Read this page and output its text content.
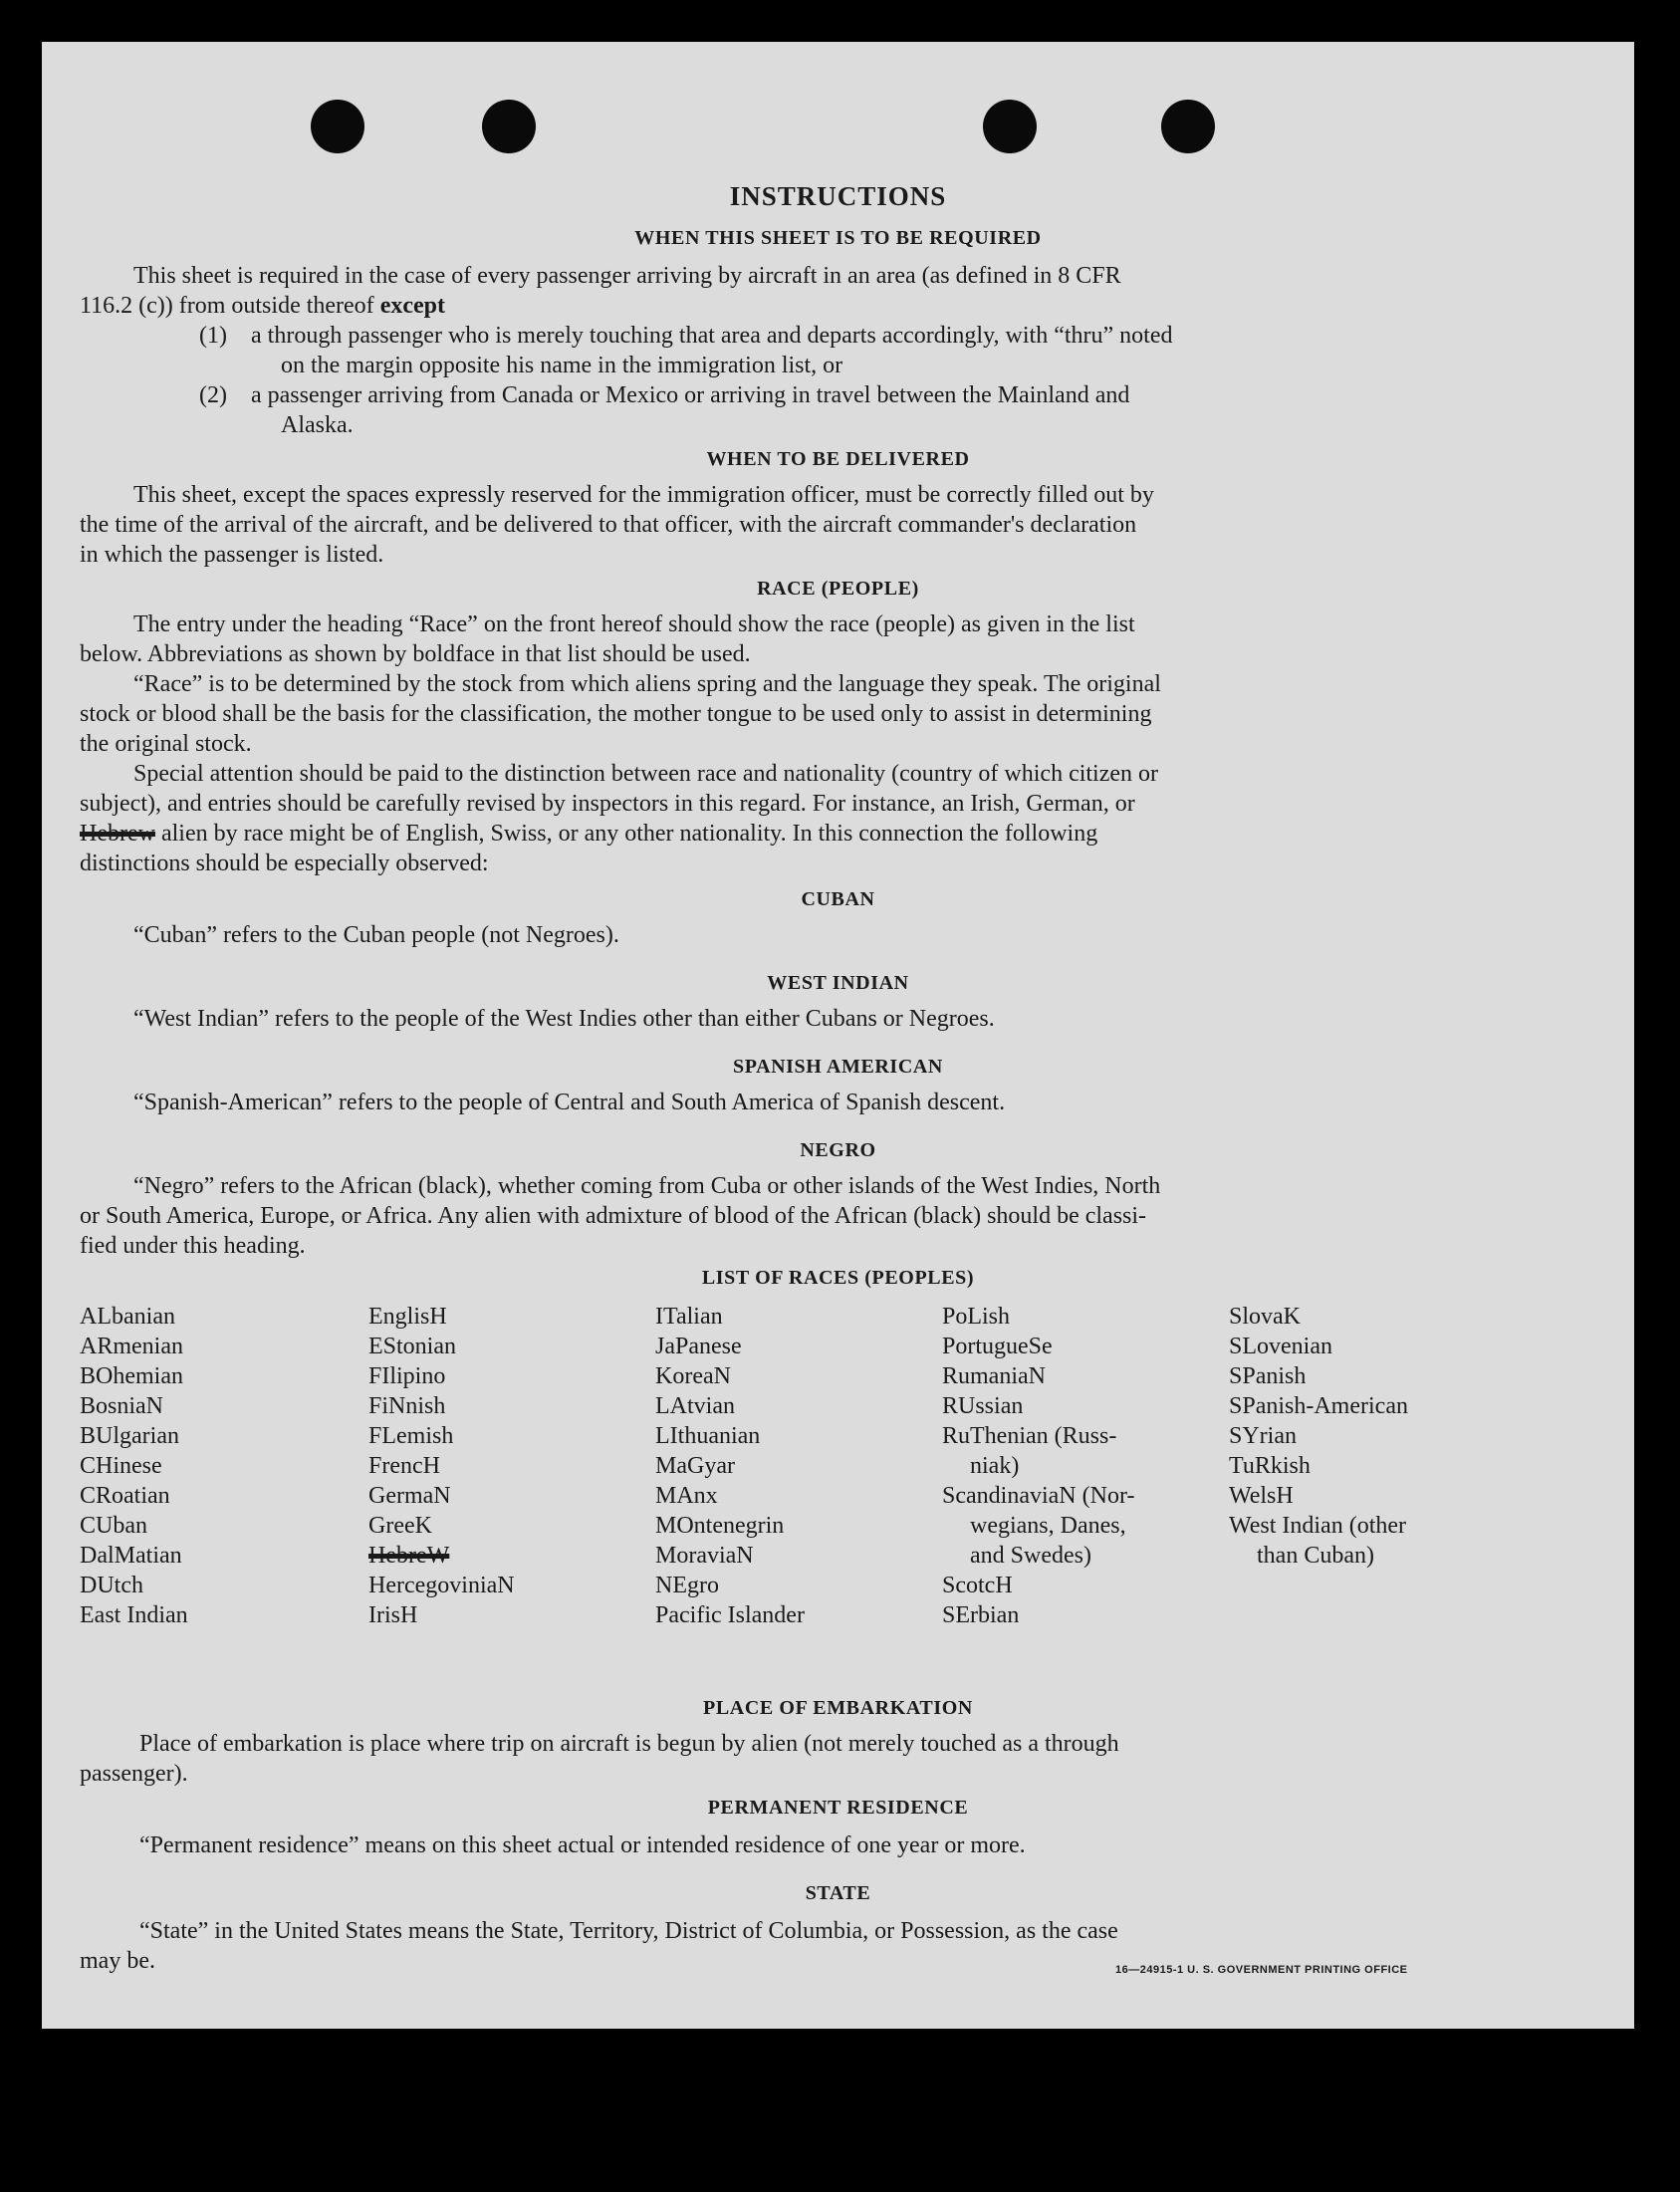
INSTRUCTIONS
WHEN THIS SHEET IS TO BE REQUIRED
This sheet is required in the case of every passenger arriving by aircraft in an area (as defined in 8 CFR
116.2 (c)) from outside thereof except
(1) a through passenger who is merely touching that area and departs accordingly, with “thru” noted
on the margin opposite his name in the immigration list, or
(2) a passenger arriving from Canada or Mexico or arriving in travel between the Mainland and
Alaska.
WHEN TO BE DELIVERED
This sheet, except the spaces expressly reserved for the immigration officer, must be correctly filled out by
the time of the arrival of the aircraft, and be delivered to that officer, with the aircraft commander's declaration
in which the passenger is listed.
RACE (PEOPLE)
The entry under the heading “Race” on the front hereof should show the race (people) as given in the list
below. Abbreviations as shown by boldface in that list should be used.
“Race” is to be determined by the stock from which aliens spring and the language they speak. The original
stock or blood shall be the basis for the classification, the mother tongue to be used only to assist in determining
the original stock.
Special attention should be paid to the distinction between race and nationality (country of which citizen or
subject), and entries should be carefully revised by inspectors in this regard. For instance, an Irish, German, or
Hebrew alien by race might be of English, Swiss, or any other nationality. In this connection the following
distinctions should be especially observed:
CUBAN
“Cuban” refers to the Cuban people (not Negroes).
WEST INDIAN
“West Indian” refers to the people of the West Indies other than either Cubans or Negroes.
SPANISH AMERICAN
“Spanish-American” refers to the people of Central and South America of Spanish descent.
NEGRO
“Negro” refers to the African (black), whether coming from Cuba or other islands of the West Indies, North
or South America, Europe, or Africa. Any alien with admixture of blood of the African (black) should be classi-
fied under this heading.
LIST OF RACES (PEOPLES)
ALbanian
ARmenian
BOhemian
BosniaN
BUlgarian
CHinese
CRoatian
CUban
DalMatian
DUtch
East Indian
EnglisH
EStonian
FIlipino
FiNnish
FLemish
FrencH
GermaN
GreeK
HebreW
HercegoviniaN
IrisH
ITalian
JaPanese
KoreaN
LAtvian
LIthuanian
MaGyar
MAnx
MOntenegrin
MoraviaN
NEgro
Pacific Islander
PoLish
PortugueSe
RumaniaN
RUssian
RuThenian (Russ-
niak)
ScandinaviaN (Nor-
wegians, Danes,
and Swedes)
ScotcH
SErbian
SlovaK
SLovenian
SPanish
SPanish-American
SYrian
TuRkish
WelsH
West Indian (other
than Cuban)
PLACE OF EMBARKATION
Place of embarkation is place where trip on aircraft is begun by alien (not merely touched as a through
passenger).
PERMANENT RESIDENCE
“Permanent residence” means on this sheet actual or intended residence of one year or more.
STATE
“State” in the United States means the State, Territory, District of Columbia, or Possession, as the case
may be.	16—24915-1 U. S. GOVERNMENT PRINTING OFFICE
